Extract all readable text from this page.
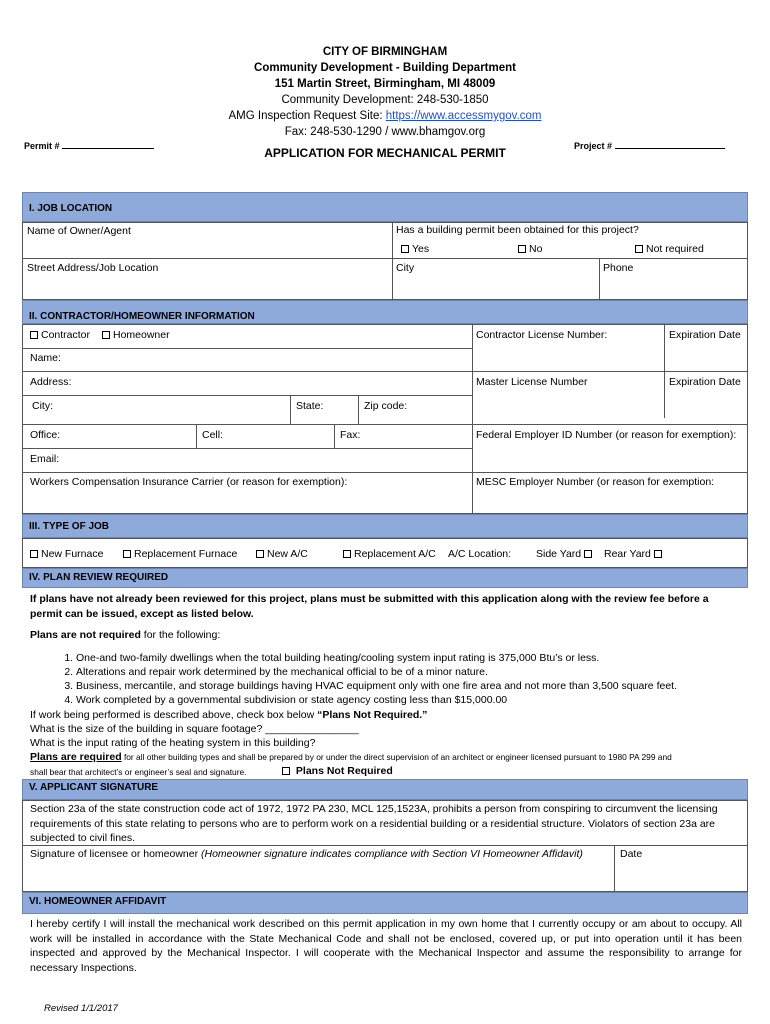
CITY OF BIRMINGHAM
Community Development - Building Department
151 Martin Street, Birmingham, MI 48009
Community Development: 248-530-1850
AMG Inspection Request Site: https://www.accessmygov.com
Fax: 248-530-1290 / www.bhamgov.org
Permit #	Project #
APPLICATION FOR MECHANICAL PERMIT
I. JOB LOCATION
Name of Owner/Agent	Has a building permit been obtained for this project?
Yes	No	Not required
Street Address/Job Location	City	Phone
II. CONTRACTOR/HOMEOWNER INFORMATION
Contractor	Homeowner	Contractor License Number:	Expiration Date
Name:
Address:	Master License Number	Expiration Date
City:	State:	Zip code:
Office:	Cell:	Fax:	Federal Employer ID Number (or reason for exemption):
Email:
Workers Compensation Insurance Carrier (or reason for exemption):	MESC Employer Number (or reason for exemption:
III. TYPE OF JOB
New Furnace	Replacement Furnace	New A/C	Replacement A/C A/C Location: Side Yard	Rear Yard
IV. PLAN REVIEW REQUIRED
If plans have not already been reviewed for this project, plans must be submitted with this application along with the review fee before a permit can be issued, except as listed below.
Plans are not required for the following:
1. One-and two-family dwellings when the total building heating/cooling system input rating is 375,000 Btu’s or less.
2. Alterations and repair work determined by the mechanical official to be of a minor nature.
3. Business, mercantile, and storage buildings having HVAC equipment only with one fire area and not more than 3,500 square feet.
4. Work completed by a governmental subdivision or state agency costing less than $15,000.00
If work being performed is described above, check box below “Plans Not Required.”
What is the size of the building in square footage? ________________
What is the input rating of the heating system in this building?
Plans are required for all other building types and shall be prepared by or under the direct supervision of an architect or engineer licensed pursuant to 1980 PA 299 and
shall bear that architect’s or engineer’s seal and signature.	Plans Not Required
V. APPLICANT SIGNATURE
Section 23a of the state construction code act of 1972, 1972 PA 230, MCL 125,1523A, prohibits a person from conspiring to circumvent the licensing requirements of this state relating to persons who are to perform work on a residential building or a residential structure. Violators of section 23a are subjected to civil fines.
Signature of licensee or homeowner (Homeowner signature indicates compliance with Section VI Homeowner Affidavit)	Date
VI. HOMEOWNER AFFIDAVIT
I hereby certify I will install the mechanical work described on this permit application in my own home that I currently occupy or am about to occupy. All work will be installed in accordance with the State Mechanical Code and shall not be enclosed, covered up, or put into operation until it has been inspected and approved by the Mechanical Inspector. I will cooperate with the Mechanical Inspector and assume the responsibility to arrange for necessary Inspections.
Revised 1/1/2017
